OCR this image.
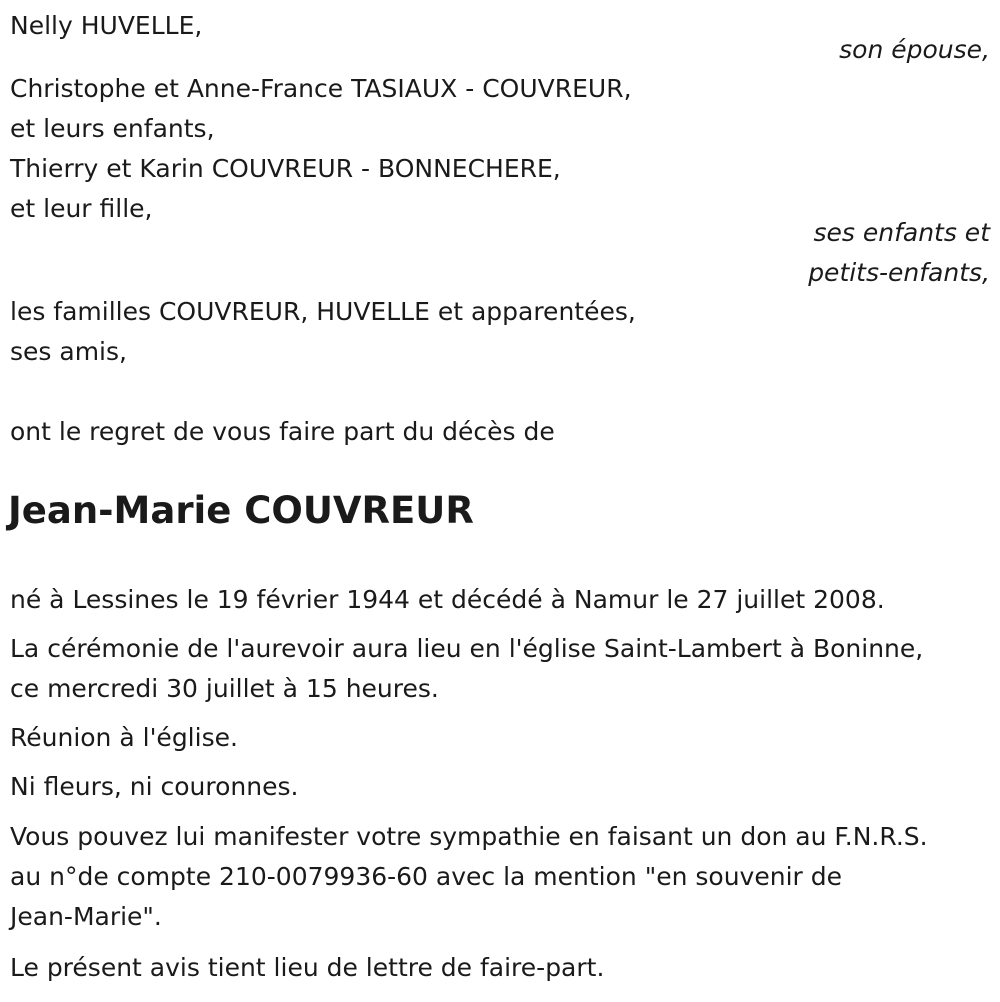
Nelly HUVELLE,

son épouse,

Christophe et Anne-France TASIAUX - COUVREUR,

et leurs enfants,

Thierry et Karin COUVREUR - BONNECHERE,

et leur fille,

ses enfants et

petits-enfants,

les familles COUVREUR, HUVELLE et apparentées,

ses amis,

ont le regret de vous faire part du décès de

Jean-Marie COUVREUR

né à Lessines le 19 février 1944 et décédé à Namur le 27 juillet 2008.

La cérémonie de l'aurevoir aura lieu en l'église Saint-Lambert à Boninne,

ce mercredi 30 juillet à 15 heures.

Réunion à l'église.

Ni fleurs, ni couronnes.

Vous pouvez lui manifester votre sympathie en faisant un don au F.N.R.S.

au n°de compte 210-0079936-60 avec la mention "en souvenir de

Jean-Marie".

Le présent avis tient lieu de lettre de faire-part.
